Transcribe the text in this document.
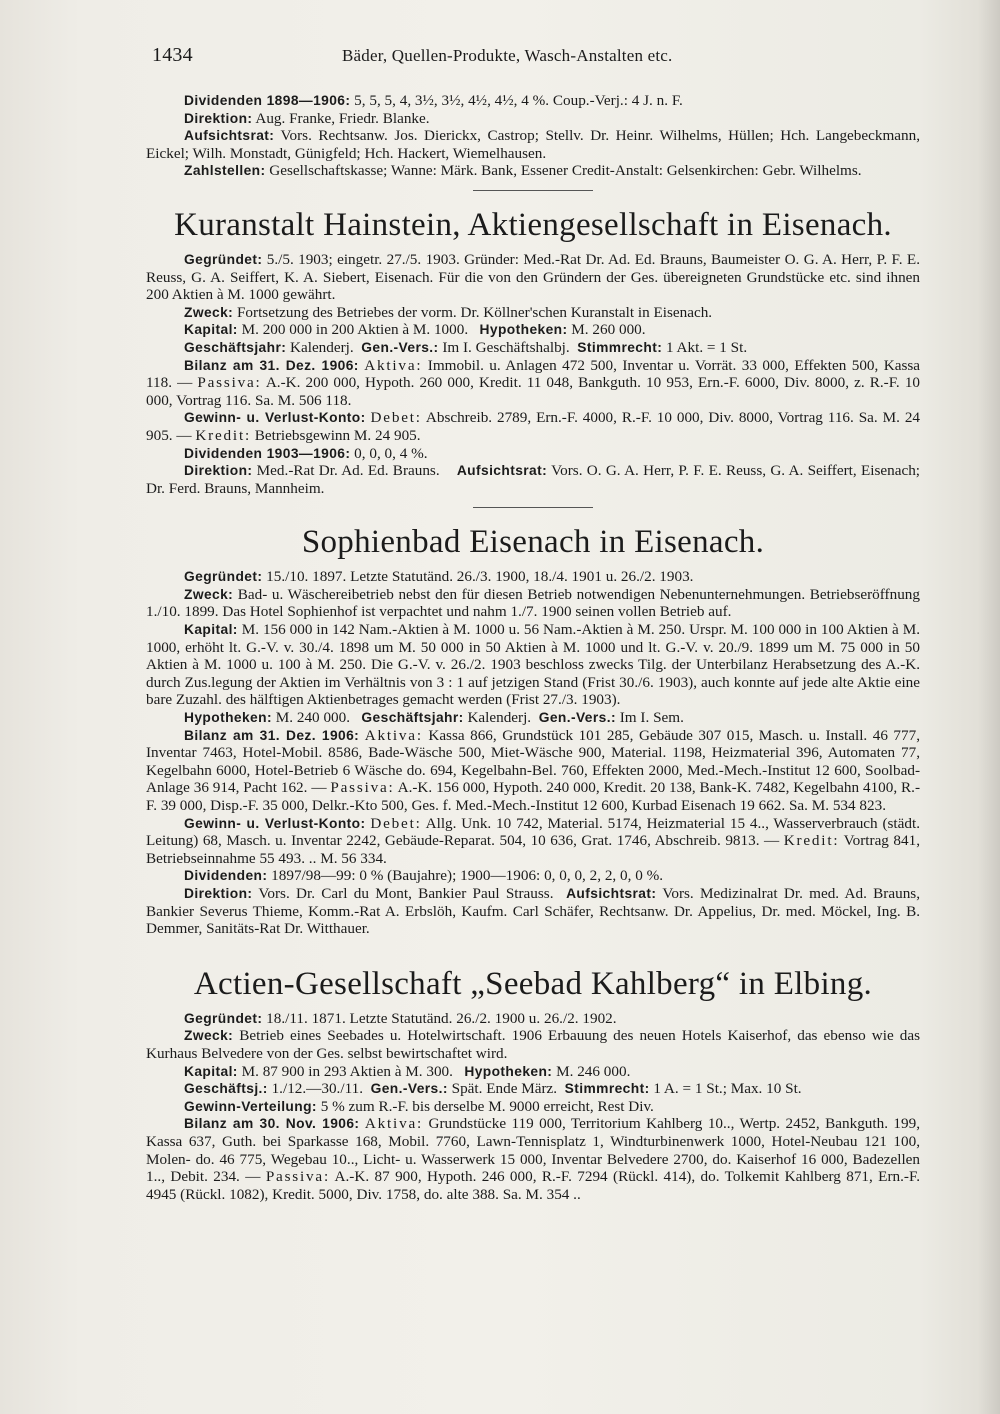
1434	Bäder, Quellen-Produkte, Wasch-Anstalten etc.

Dividenden 1898—1906: 5, 5, 5, 4, 3½, 3½, 4½, 4½, 4 %. Coup.-Verj.: 4 J. n. F.

Direktion: Aug. Franke, Friedr. Blanke.

Aufsichtsrat: Vors. Rechtsanw. Jos. Dierickx, Castrop; Stellv. Dr. Heinr. Wilhelms, Hüllen; Hch. Langebeckmann, Eickel; Wilh. Monstadt, Günigfeld; Hch. Hackert, Wiemelhausen.

Zahlstellen: Gesellschaftskasse; Wanne: Märk. Bank, Essener Credit-Anstalt: Gelsenkirchen: Gebr. Wilhelms.

Kuranstalt Hainstein, Aktiengesellschaft in Eisenach.

Gegründet: 5./5. 1903; eingetr. 27./5. 1903. Gründer: Med.-Rat Dr. Ad. Ed. Brauns, Baumeister O. G. A. Herr, P. F. E. Reuss, G. A. Seiffert, K. A. Siebert, Eisenach. Für die von den Gründern der Ges. übereigneten Grundstücke etc. sind ihnen 200 Aktien à M. 1000 gewährt.

Zweck: Fortsetzung des Betriebes der vorm. Dr. Köllner'schen Kuranstalt in Eisenach.

Kapital: M. 200 000 in 200 Aktien à M. 1000. Hypotheken: M. 260 000.

Geschäftsjahr: Kalenderj. Gen.-Vers.: Im I. Geschäftshalbj. Stimmrecht: 1 Akt. = 1 St.

Bilanz am 31. Dez. 1906: Aktiva: Immobil. u. Anlagen 472 500, Inventar u. Vorrät. 33 000, Effekten 500, Kassa 118. — Passiva: A.-K. 200 000, Hypoth. 260 000, Kredit. 11 048, Bankguth. 10 953, Ern.-F. 6000, Div. 8000, z. R.-F. 10 000, Vortrag 116. Sa. M. 506 118.

Gewinn- u. Verlust-Konto: Debet: Abschreib. 2789, Ern.-F. 4000, R.-F. 10 000, Div. 8000, Vortrag 116. Sa. M. 24 905. — Kredit: Betriebsgewinn M. 24 905.

Dividenden 1903—1906: 0, 0, 0, 4 %.

Direktion: Med.-Rat Dr. Ad. Ed. Brauns. Aufsichtsrat: Vors. O. G. A. Herr, P. F. E. Reuss, G. A. Seiffert, Eisenach; Dr. Ferd. Brauns, Mannheim.

Sophienbad Eisenach in Eisenach.

Gegründet: 15./10. 1897. Letzte Statutänd. 26./3. 1900, 18./4. 1901 u. 26./2. 1903.

Zweck: Bad- u. Wäschereibetrieb nebst den für diesen Betrieb notwendigen Nebenunternehmungen. Betriebseröffnung 1./10. 1899. Das Hotel Sophienhof ist verpachtet und nahm 1./7. 1900 seinen vollen Betrieb auf.

Kapital: M. 156 000 in 142 Nam.-Aktien à M. 1000 u. 56 Nam.-Aktien à M. 250. Urspr. M. 100 000 in 100 Aktien à M. 1000, erhöht lt. G.-V. v. 30./4. 1898 um M. 50 000 in 50 Aktien à M. 1000 und lt. G.-V. v. 20./9. 1899 um M. 75 000 in 50 Aktien à M. 1000 u. 100 à M. 250. Die G.-V. v. 26./2. 1903 beschloss zwecks Tilg. der Unterbilanz Herabsetzung des A.-K. durch Zus.legung der Aktien im Verhältnis von 3 : 1 auf jetzigen Stand (Frist 30./6. 1903), auch konnte auf jede alte Aktie eine bare Zuzahl. des hälftigen Aktienbetrages gemacht werden (Frist 27./3. 1903).

Hypotheken: M. 240 000. Geschäftsjahr: Kalenderj. Gen.-Vers.: Im I. Sem.

Bilanz am 31. Dez. 1906: Aktiva: Kassa 866, Grundstück 101 285, Gebäude 307 015, Masch. u. Install. 46 777, Inventar 7463, Hotel-Mobil. 8586, Bade-Wäsche 500, Miet-Wäsche 900, Material. 1198, Heizmaterial 396, Automaten 77, Kegelbahn 6000, Hotel-Betrieb 6 Wäsche do. 694, Kegelbahn-Bel. 760, Effekten 2000, Med.-Mech.-Institut 12 600, Soolbad-Anlage 36 914, Pacht 162. — Passiva: A.-K. 156 000, Hypoth. 240 000, Kredit. 20 138, Bank-K. 7482, Kegelbahn 4100, R.-F. 39 000, Disp.-F. 35 000, Delkr.-Kto 500, Ges. f. Med.-Mech.-Institut 12 600, Kurbad Eisenach 19 662. Sa. M. 534 823.

Gewinn- u. Verlust-Konto: Debet: Allg. Unk. 10 742, Material. 5174, Heizmaterial 15 4.., Wasserverbrauch (städt. Leitung) 68, Masch. u. Inventar 2242, Gebäude-Reparat. 504, 10 636, Grat. 1746, Abschreib. 9813. — Kredit: Vortrag 841, Betriebseinnahme 55 493. .. M. 56 334.

Dividenden: 1897/98—99: 0 % (Baujahre); 1900—1906: 0, 0, 0, 2, 2, 0, 0 %.

Direktion: Vors. Dr. Carl du Mont, Bankier Paul Strauss. Aufsichtsrat: Vors. Medizinalrat Dr. med. Ad. Brauns, Bankier Severus Thieme, Komm.-Rat A. Erbslöh, Kaufm. Carl Schäfer, Rechtsanw. Dr. Appelius, Dr. med. Möckel, Ing. B. Demmer, Sanitäts-Rat Dr. Witthauer.

Actien-Gesellschaft „Seebad Kahlberg“ in Elbing.

Gegründet: 18./11. 1871. Letzte Statutänd. 26./2. 1900 u. 26./2. 1902.

Zweck: Betrieb eines Seebades u. Hotelwirtschaft. 1906 Erbauung des neuen Hotels Kaiserhof, das ebenso wie das Kurhaus Belvedere von der Ges. selbst bewirtschaftet wird.

Kapital: M. 87 900 in 293 Aktien à M. 300. Hypotheken: M. 246 000.

Geschäftsj.: 1./12.—30./11. Gen.-Vers.: Spät. Ende März. Stimmrecht: 1 A. = 1 St.; Max. 10 St.

Gewinn-Verteilung: 5 % zum R.-F. bis derselbe M. 9000 erreicht, Rest Div.

Bilanz am 30. Nov. 1906: Aktiva: Grundstücke 119 000, Territorium Kahlberg 10.., Wertp. 2452, Bankguth. 199, Kassa 637, Guth. bei Sparkasse 168, Mobil. 7760, Lawn-Tennisplatz 1, Windturbinenwerk 1000, Hotel-Neubau 121 100, Molen- do. 46 775, Wegebau 10.., Licht- u. Wasserwerk 15 000, Inventar Belvedere 2700, do. Kaiserhof 16 000, Badezellen 1.., Debit. 234. — Passiva: A.-K. 87 900, Hypoth. 246 000, R.-F. 7294 (Rückl. 414), do. Tolkemit Kahlberg 871, Ern.-F. 4945 (Rückl. 1082), Kredit. 5000, Div. 1758, do. alte 388. Sa. M. 354 ..
